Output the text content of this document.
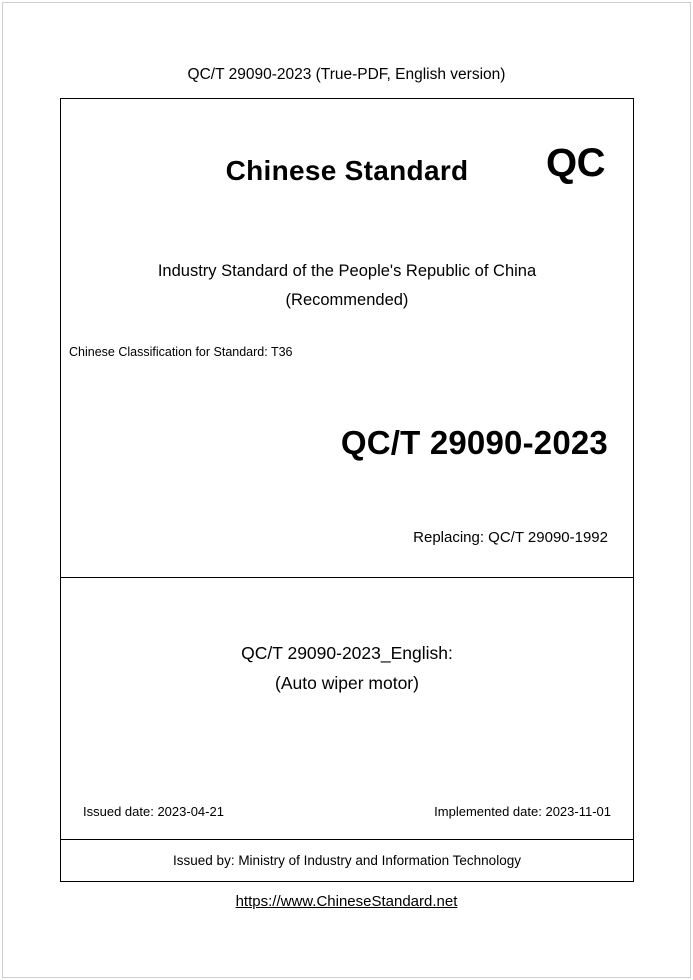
QC/T 29090-2023 (True-PDF, English version)
Chinese Standard	QC
Industry Standard of the People's Republic of China
(Recommended)
Chinese Classification for Standard: T36
QC/T 29090-2023
Replacing: QC/T 29090-1992
QC/T 29090-2023_English:
(Auto wiper motor)
Issued date: 2023-04-21	Implemented date: 2023-11-01
Issued by: Ministry of Industry and Information Technology
https://www.ChineseStandard.net
